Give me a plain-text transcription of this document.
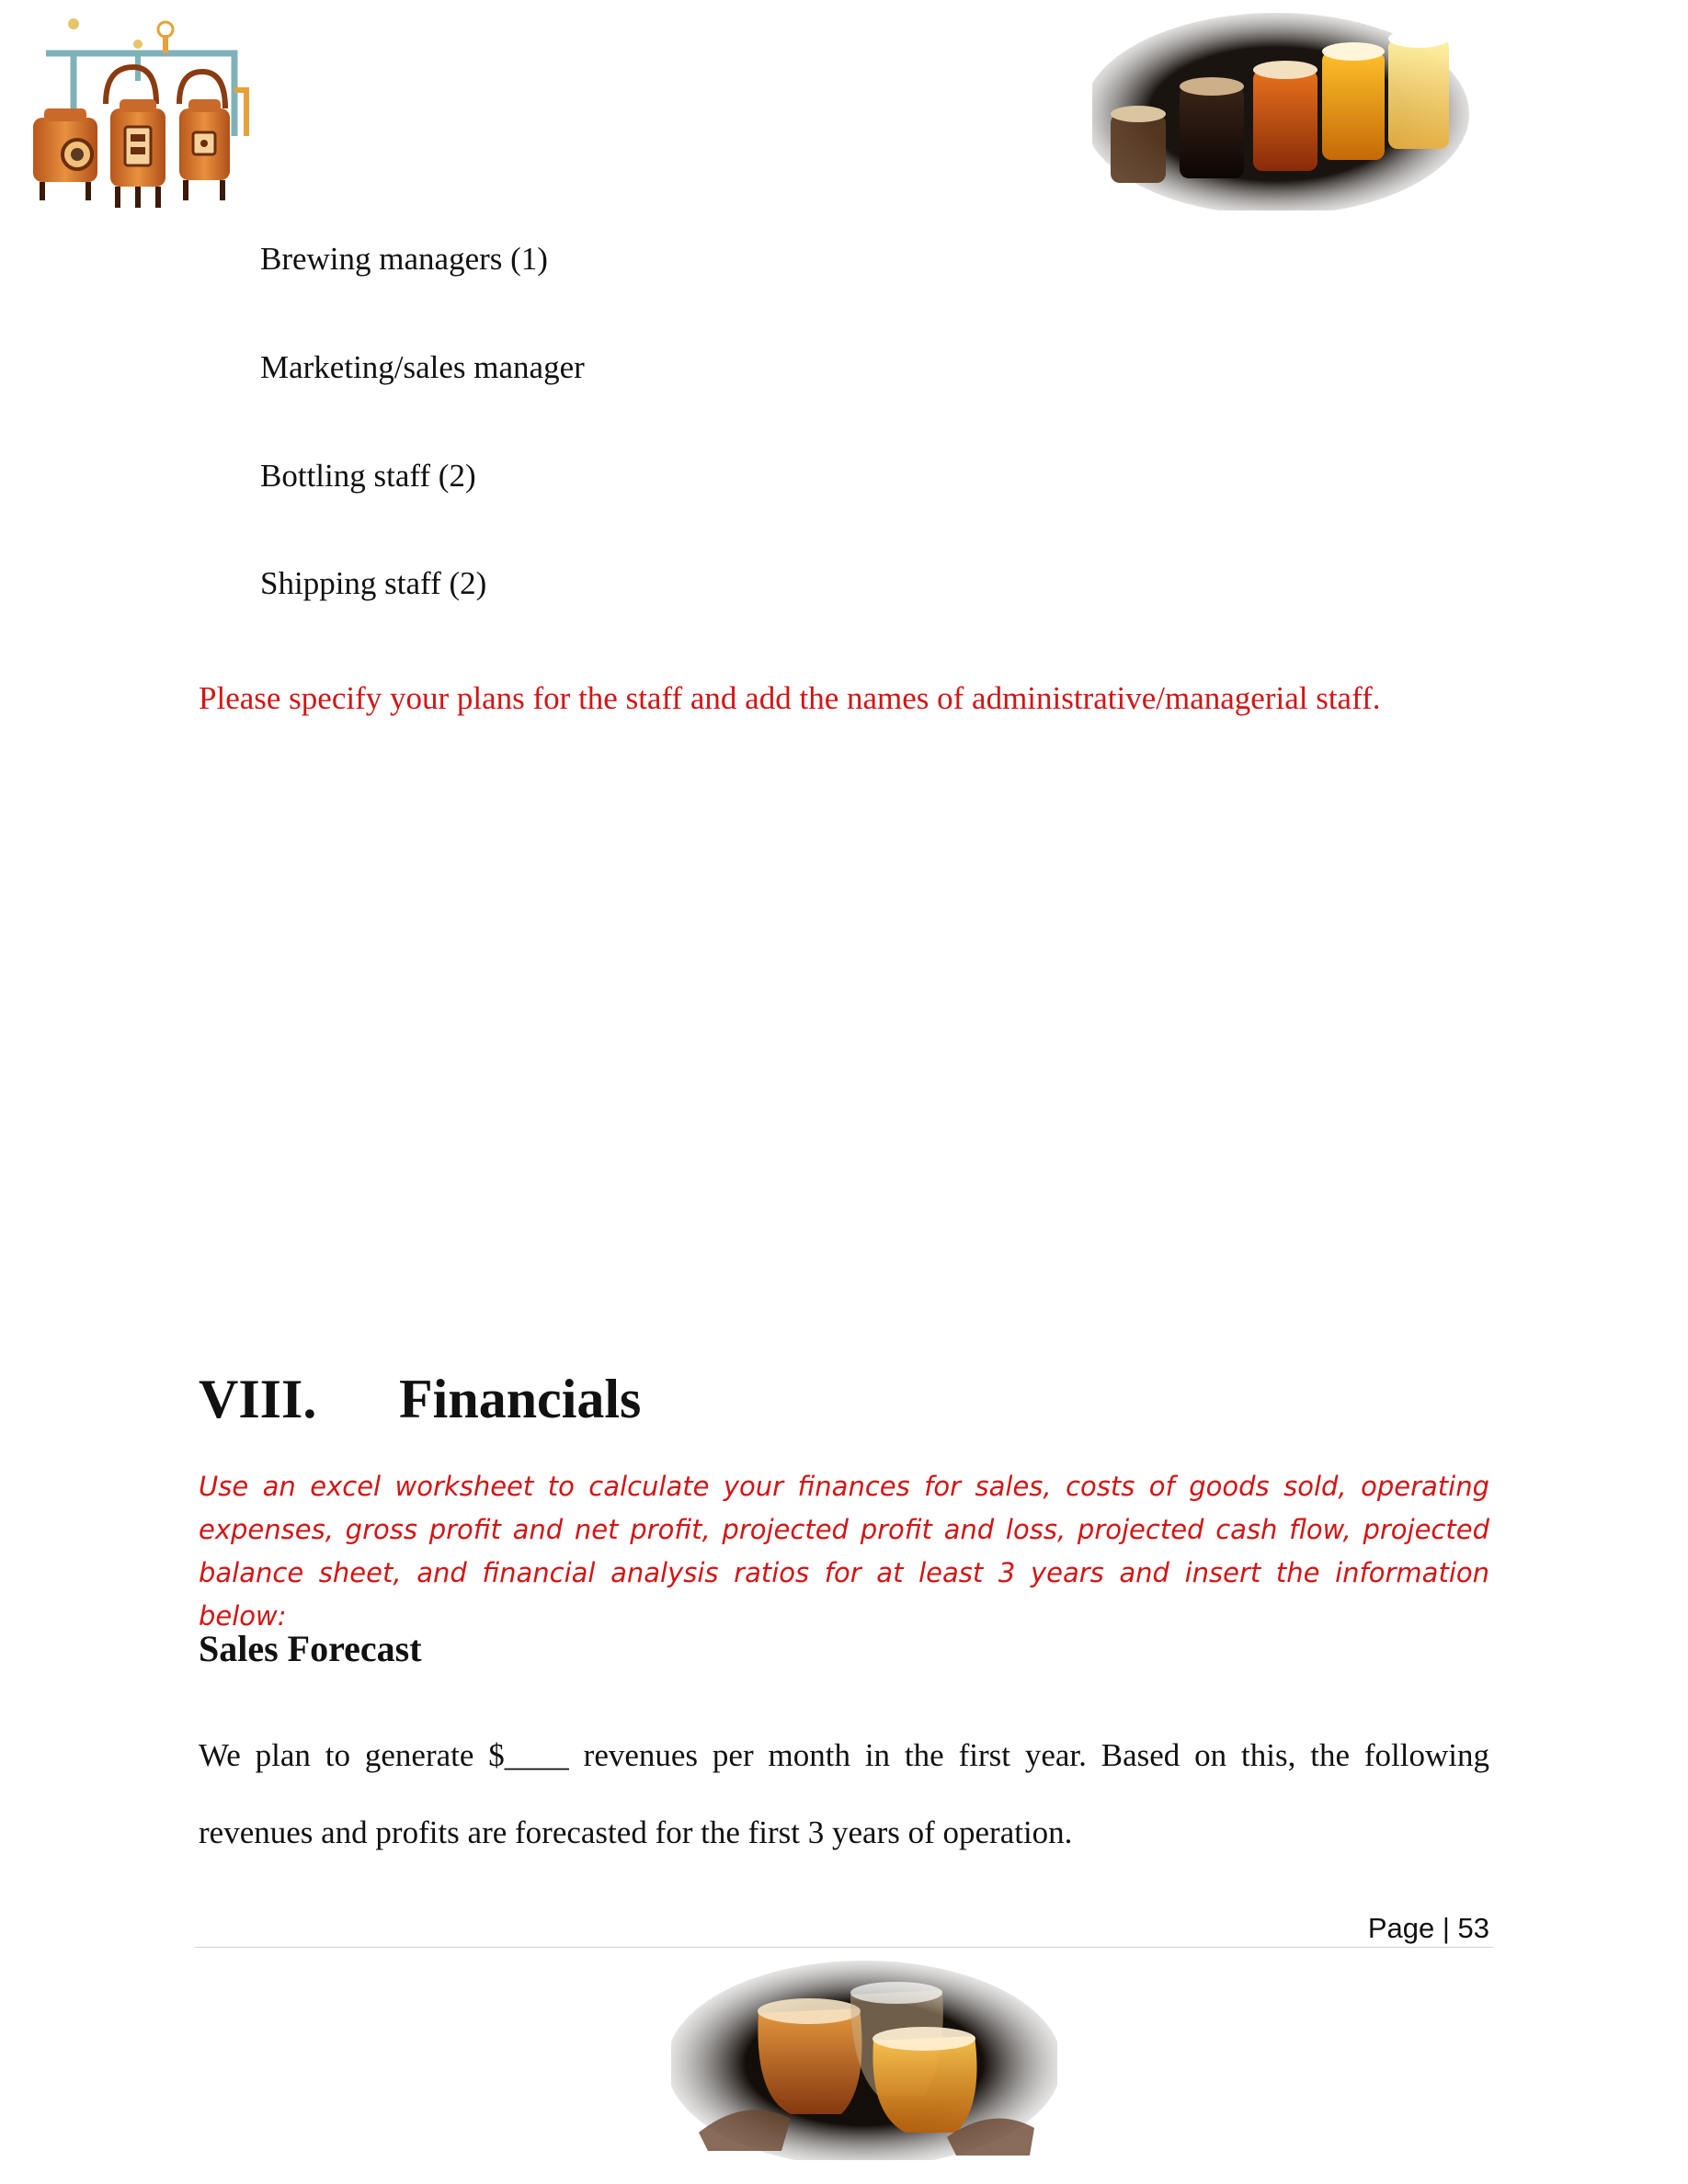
Brewing managers (1)
Marketing/sales manager
Bottling staff (2)
Shipping staff (2)
Please specify your plans for the staff and add the names of administrative/managerial staff.
VIII. Financials
Use an excel worksheet to calculate your finances for sales, costs of goods sold, operating expenses, gross profit and net profit, projected profit and loss, projected cash flow, projected balance sheet, and financial analysis ratios for at least 3 years and insert the information below:
Sales Forecast
We plan to generate $____ revenues per month in the first year. Based on this, the following revenues and profits are forecasted for the first 3 years of operation.
Page | 53
